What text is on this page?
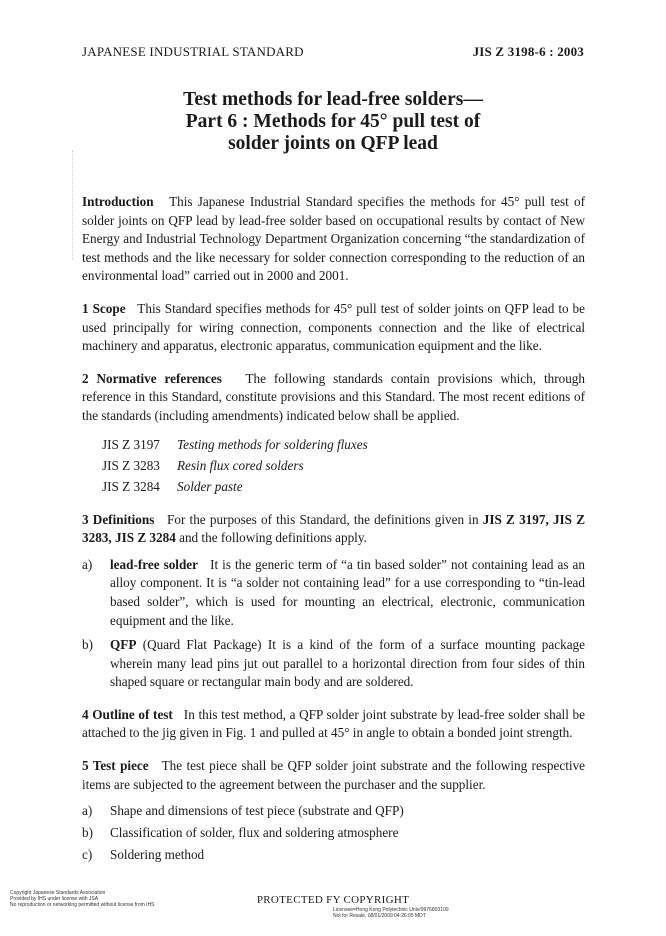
JAPANESE INDUSTRIAL STANDARD	JIS Z 3198-6 : 2003
Test methods for lead-free solders—
Part 6 : Methods for 45° pull test of
solder joints on QFP lead

Introduction This Japanese Industrial Standard specifies the methods for 45° pull test of solder joints on QFP lead by lead-free solder based on occupational results by contact of New Energy and Industrial Technology Department Organization concerning “the standardization of test methods and the like necessary for solder connection corresponding to the reduction of an environmental load” carried out in 2000 and 2001.

1 Scope This Standard specifies methods for 45° pull test of solder joints on QFP lead to be used principally for wiring connection, components connection and the like of electrical machinery and apparatus, electronic apparatus, communication equipment and the like.

2 Normative references The following standards contain provisions which, through reference in this Standard, constitute provisions and this Standard. The most recent editions of the standards (including amendments) indicated below shall be applied.

JIS Z 3197	Testing methods for soldering fluxes
JIS Z 3283	Resin flux cored solders
JIS Z 3284	Solder paste

3 Definitions For the purposes of this Standard, the definitions given in JIS Z 3197, JIS Z 3283, JIS Z 3284 and the following definitions apply.

a)	lead-free solder It is the generic term of “a tin based solder” not containing lead as an alloy component. It is “a solder not containing lead” for a use corresponding to “tin-lead based solder”, which is used for mounting an electrical, electronic, communication equipment and the like.
b)	QFP (Quard Flat Package) It is a kind of the form of a surface mounting package wherein many lead pins jut out parallel to a horizontal direction from four sides of thin shaped square or rectangular main body and are soldered.

4 Outline of test In this test method, a QFP solder joint substrate by lead-free solder shall be attached to the jig given in Fig. 1 and pulled at 45° in angle to obtain a bonded joint strength.

5 Test piece The test piece shall be QFP solder joint substrate and the following respective items are subjected to the agreement between the purchaser and the supplier.

a)	Shape and dimensions of test piece (substrate and QFP)
b)	Classification of solder, flux and soldering atmosphere
c)	Soldering method
Copyright Japanese Standards Association
Provided by IHS under license with JSA
No reproduction or networking permitted without license from IHS	PROTECTED FY COPYRIGHT
Licensee=Hong Kong Polytechnic Univ/9976803100
Not for Resale, 08/01/2009 04:26:05 MDT
